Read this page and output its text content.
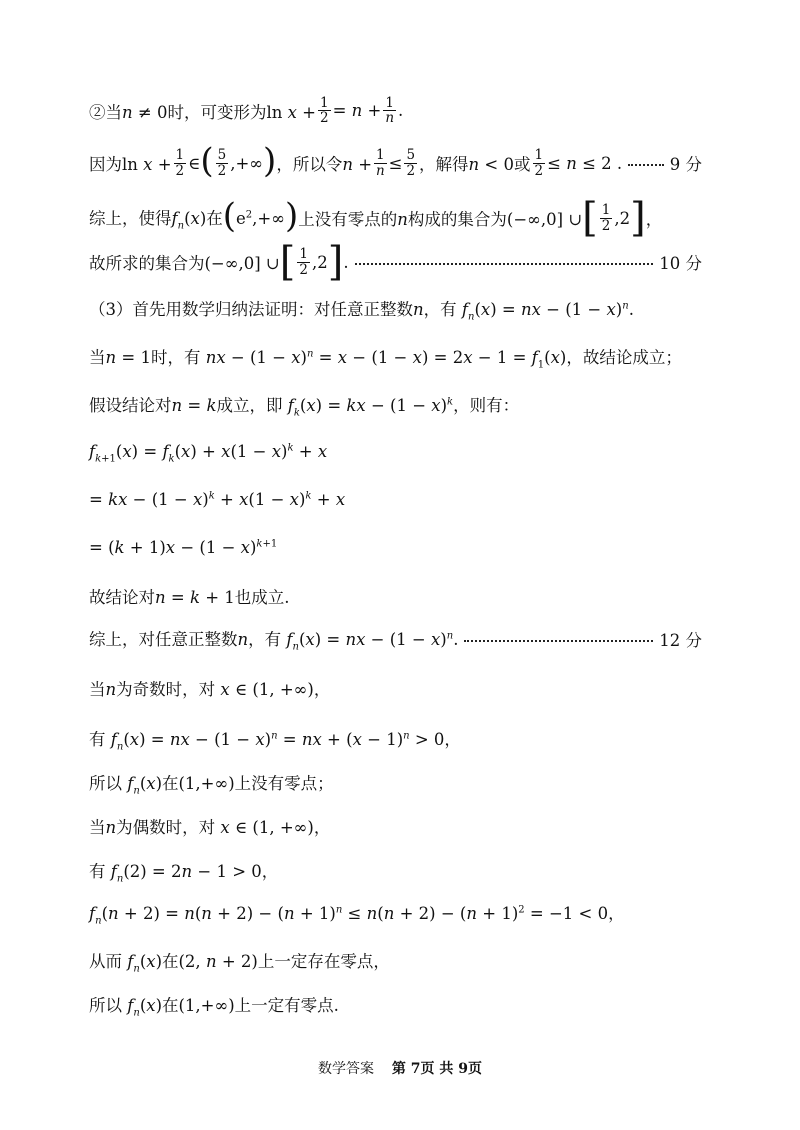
②当n ≠ 0时，可变形为$\ln x + \frac{1}{2} = n + \frac{1}{n}$ .
因为$\ln x + \frac{1}{2}$ ∈ ( $\frac{5}{2}$ ,+∞ ) ，所以令$n + \frac{1}{n} \le \frac{5}{2}$ ，解得n < 0或 $\frac{1}{2} \le n \le 2$ .	9 分
综上，使得$f_n(x)$在 ( $e^2,+\infty$ ) 上没有零点的n构成的集合为(−∞,0] ∪ [ $\frac{1}{2} ,2$ ] ，
故所求的集合为(−∞,0] ∪ [ $\frac{1}{2} ,2$ ] .	10 分
（3）首先用数学归纳法证明：对任意正整数n，有 $f_n(x)$ = nx − $(1 - x)^n$.
当n = 1时，有 nx − $(1 - x)^n = x - (1 - x) = 2x - 1 = f_1(x)$，故结论成立；
假设结论对n = k成立，即 $f_k(x)$ = kx − $(1 - x)^k$，则有：
$f_{k+1}(x) = f_k(x) + x(1 - x)^k + x$
= kx − $(1 - x)^k + x(1 - x)^k + x$
= $(k + 1)x - (1 - x)^{k+1}$
故结论对n = k + 1也成立.
综上，对任意正整数n，有 $f_n(x)$ = nx − $(1 - x)^n$.	12 分
当n为奇数时，对 x ∈ (1, +∞)，
有 $f_n(x)$ = nx − $(1 - x)^n$ = nx + $(x - 1)^n > 0$，
所以 $f_n(x)$在(1,+∞)上没有零点；
当n为偶数时，对 x ∈ (1, +∞)，
有 $f_n(2) = 2n - 1 > 0$，
$f_n(n + 2) = n(n + 2) - (n + 1)^n \le n(n + 2) - (n + 1)^2 = -1 < 0$，
从而 $f_n(x)$在(2, n + 2)上一定存在零点，
所以 $f_n(x)$在(1,+∞)上一定有零点.
数学答案 第 7页 共 9页
